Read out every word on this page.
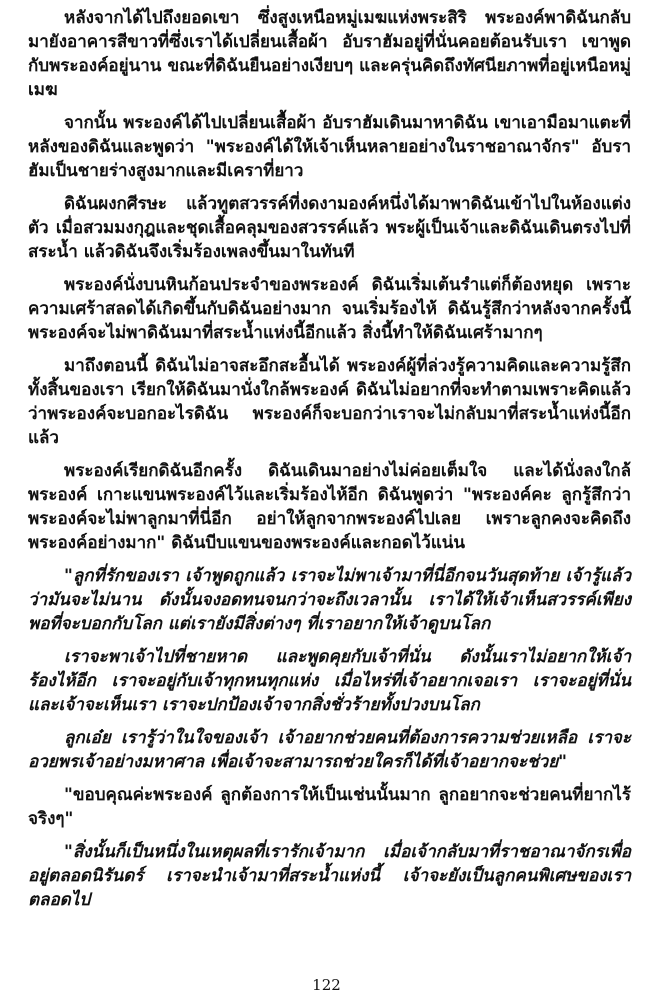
หลังจากได้ไปถึงยอดเขา ซึ่งสูงเหนือหมู่เมฆแห่งพระสิริ พระองค์พาดิฉันกลับมายังอาคารสีขาวที่ซึ่งเราได้เปลี่ยนเสื้อผ้า อับราฮัมอยู่ที่นั่นคอยต้อนรับเรา เขาพูดกับพระองค์อยู่นาน ขณะที่ดิฉันยืนอย่างเงียบๆ และครุ่นคิดถึงทัศนียภาพที่อยู่เหนือหมู่เมฆ

จากนั้น พระองค์ได้ไปเปลี่ยนเสื้อผ้า อับราฮัมเดินมาหาดิฉัน เขาเอามือมาแตะที่หลังของดิฉันและพูดว่า "พระองค์ได้ให้เจ้าเห็นหลายอย่างในราชอาณาจักร" อับราฮัมเป็นชายร่างสูงมากและมีเคราที่ยาว

ดิฉันผงกศีรษะ แล้วทูตสวรรค์ที่งดงามองค์หนึ่งได้มาพาดิฉันเข้าไปในห้องแต่งตัว เมื่อสวมมงกุฎและชุดเสื้อคลุมของสวรรค์แล้ว พระผู้เป็นเจ้าและดิฉันเดินตรงไปที่สระน้ำ แล้วดิฉันจึงเริ่มร้องเพลงขึ้นมาในทันที

พระองค์นั่งบนหินก้อนประจำของพระองค์ ดิฉันเริ่มเต้นรำแต่ก็ต้องหยุด เพราะความเศร้าสลดได้เกิดขึ้นกับดิฉันอย่างมาก จนเริ่มร้องไห้ ดิฉันรู้สึกว่าหลังจากครั้งนี้ พระองค์จะไม่พาดิฉันมาที่สระน้ำแห่งนี้อีกแล้ว สิ่งนี้ทำให้ดิฉันเศร้ามากๆ

มาถึงตอนนี้ ดิฉันไม่อาจสะอึกสะอื้นได้ พระองค์ผู้ที่ล่วงรู้ความคิดและความรู้สึกทั้งสิ้นของเรา เรียกให้ดิฉันมานั่งใกล้พระองค์ ดิฉันไม่อยากที่จะทำตามเพราะคิดแล้วว่าพระองค์จะบอกอะไรดิฉัน พระองค์ก็จะบอกว่าเราจะไม่กลับมาที่สระน้ำแห่งนี้อีกแล้ว

พระองค์เรียกดิฉันอีกครั้ง ดิฉันเดินมาอย่างไม่ค่อยเต็มใจ และได้นั่งลงใกล้พระองค์ เกาะแขนพระองค์ไว้และเริ่มร้องไห้อีก ดิฉันพูดว่า "พระองค์คะ ลูกรู้สึกว่าพระองค์จะไม่พาลูกมาที่นี่อีก อย่าให้ลูกจากพระองค์ไปเลย เพราะลูกคงจะคิดถึงพระองค์อย่างมาก" ดิฉันบีบแขนของพระองค์และกอดไว้แน่น

"ลูกที่รักของเรา เจ้าพูดถูกแล้ว เราจะไม่พาเจ้ามาที่นี่อีกจนวันสุดท้าย เจ้ารู้แล้วว่ามันจะไม่นาน ดังนั้นจงอดทนจนกว่าจะถึงเวลานั้น เราได้ให้เจ้าเห็นสวรรค์เพียงพอที่จะบอกกับโลก แต่เรายังมีสิ่งต่างๆ ที่เราอยากให้เจ้าดูบนโลก

เราจะพาเจ้าไปที่ชายหาด และพูดคุยกับเจ้าที่นั่น ดังนั้นเราไม่อยากให้เจ้าร้องไห้อีก เราจะอยู่กับเจ้าทุกหนทุกแห่ง เมื่อไหร่ที่เจ้าอยากเจอเรา เราจะอยู่ที่นั่นและเจ้าจะเห็นเรา เราจะปกป้องเจ้าจากสิ่งชั่วร้ายทั้งปวงบนโลก

ลูกเอ๋ย เรารู้ว่าในใจของเจ้า เจ้าอยากช่วยคนที่ต้องการความช่วยเหลือ เราจะอวยพรเจ้าอย่างมหาศาล เพื่อเจ้าจะสามารถช่วยใครก็ได้ที่เจ้าอยากจะช่วย"

"ขอบคุณค่ะพระองค์ ลูกต้องการให้เป็นเช่นนั้นมาก ลูกอยากจะช่วยคนที่ยากไร้จริงๆ"

"สิ่งนั้นก็เป็นหนึ่งในเหตุผลที่เรารักเจ้ามาก เมื่อเจ้ากลับมาที่ราชอาณาจักรเพื่ออยู่ตลอดนิรันดร์ เราจะนำเจ้ามาที่สระน้ำแห่งนี้ เจ้าจะยังเป็นลูกคนพิเศษของเราตลอดไป

122
